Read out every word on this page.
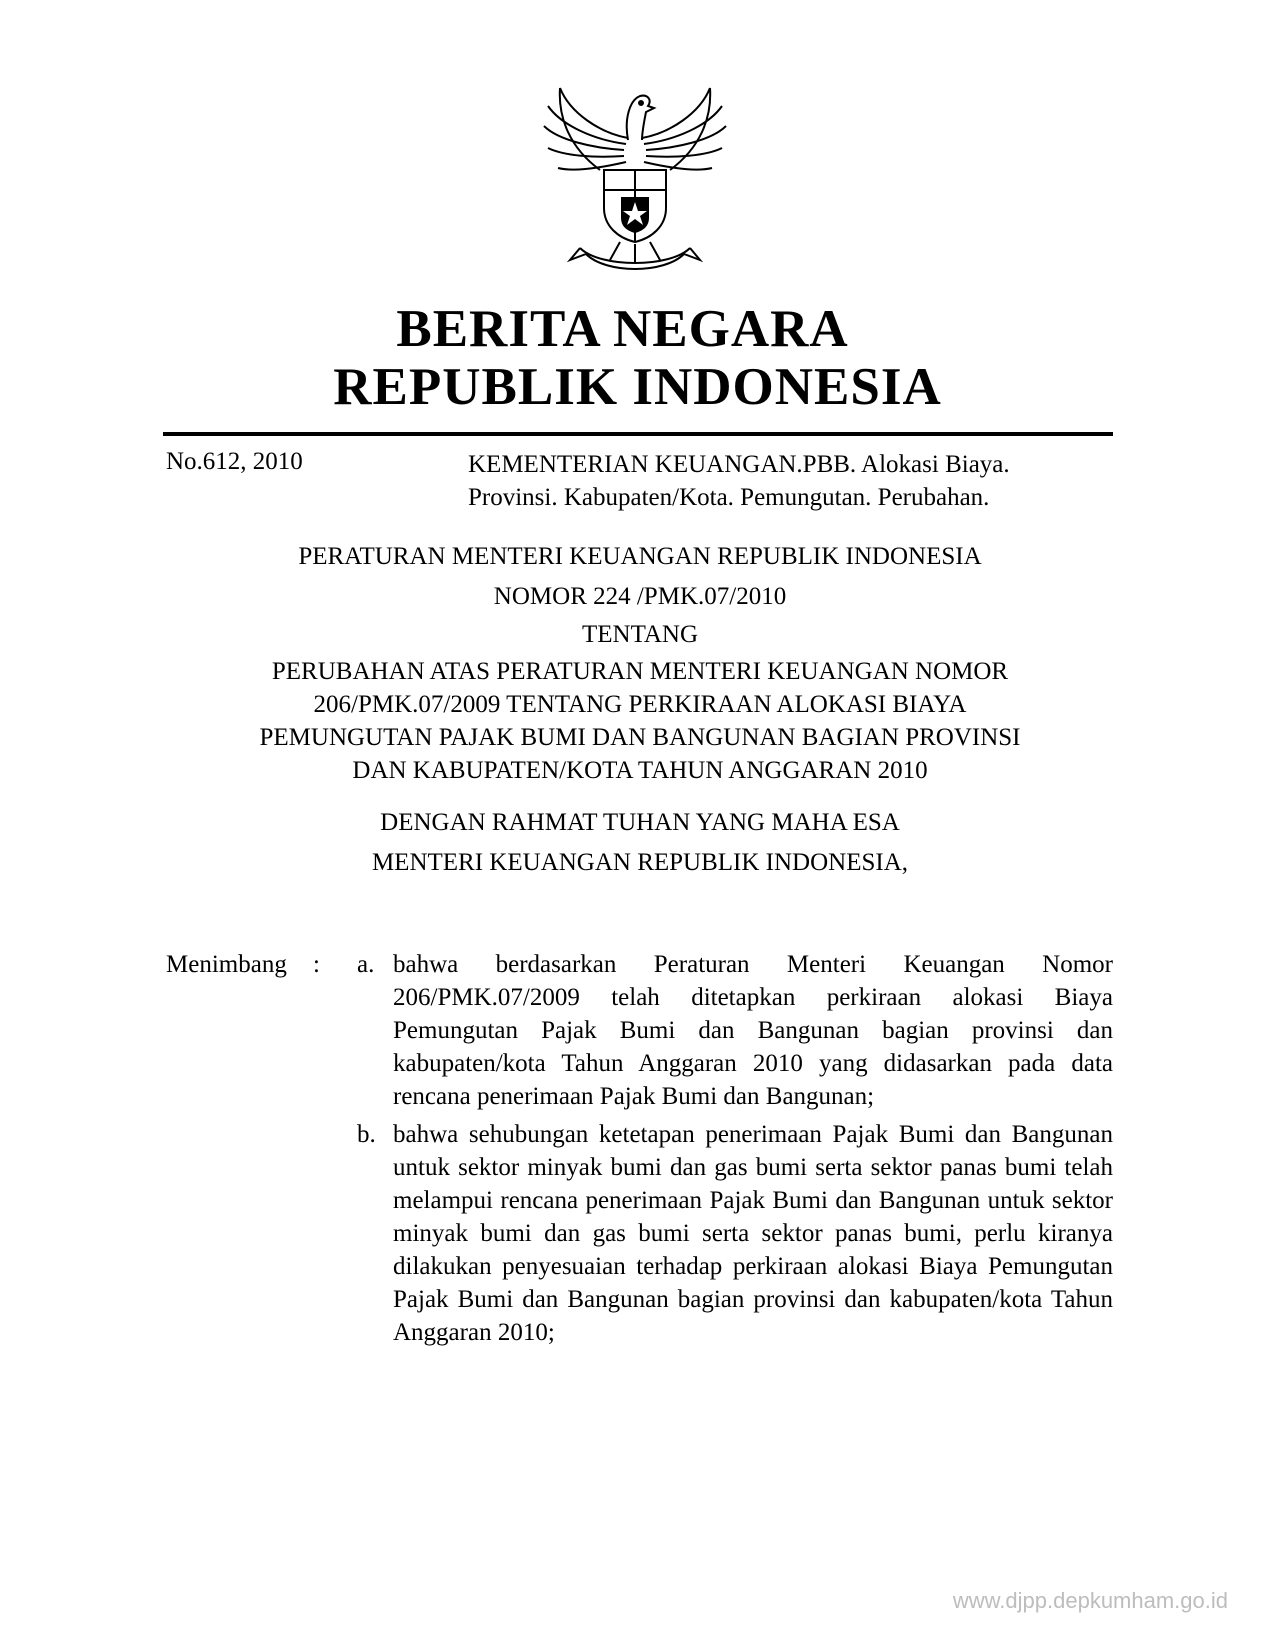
BERITA NEGARA
REPUBLIK INDONESIA
No.612, 2010	KEMENTERIAN KEUANGAN.PBB. Alokasi Biaya.
Provinsi. Kabupaten/Kota. Pemungutan. Perubahan.
PERATURAN MENTERI KEUANGAN REPUBLIK INDONESIA
NOMOR 224 /PMK.07/2010
TENTANG
PERUBAHAN ATAS PERATURAN MENTERI KEUANGAN NOMOR
206/PMK.07/2009 TENTANG PERKIRAAN ALOKASI BIAYA
PEMUNGUTAN PAJAK BUMI DAN BANGUNAN BAGIAN PROVINSI
DAN KABUPATEN/KOTA TAHUN ANGGARAN 2010
DENGAN RAHMAT TUHAN YANG MAHA ESA
MENTERI KEUANGAN REPUBLIK INDONESIA,
Menimbang : a. bahwa berdasarkan Peraturan Menteri Keuangan Nomor 206/PMK.07/2009 telah ditetapkan perkiraan alokasi Biaya Pemungutan Pajak Bumi dan Bangunan bagian provinsi dan kabupaten/kota Tahun Anggaran 2010 yang didasarkan pada data rencana penerimaan Pajak Bumi dan Bangunan;
b. bahwa sehubungan ketetapan penerimaan Pajak Bumi dan Bangunan untuk sektor minyak bumi dan gas bumi serta sektor panas bumi telah melampui rencana penerimaan Pajak Bumi dan Bangunan untuk sektor minyak bumi dan gas bumi serta sektor panas bumi, perlu kiranya dilakukan penyesuaian terhadap perkiraan alokasi Biaya Pemungutan Pajak Bumi dan Bangunan bagian provinsi dan kabupaten/kota Tahun Anggaran 2010;
www.djpp.depkumham.go.id
